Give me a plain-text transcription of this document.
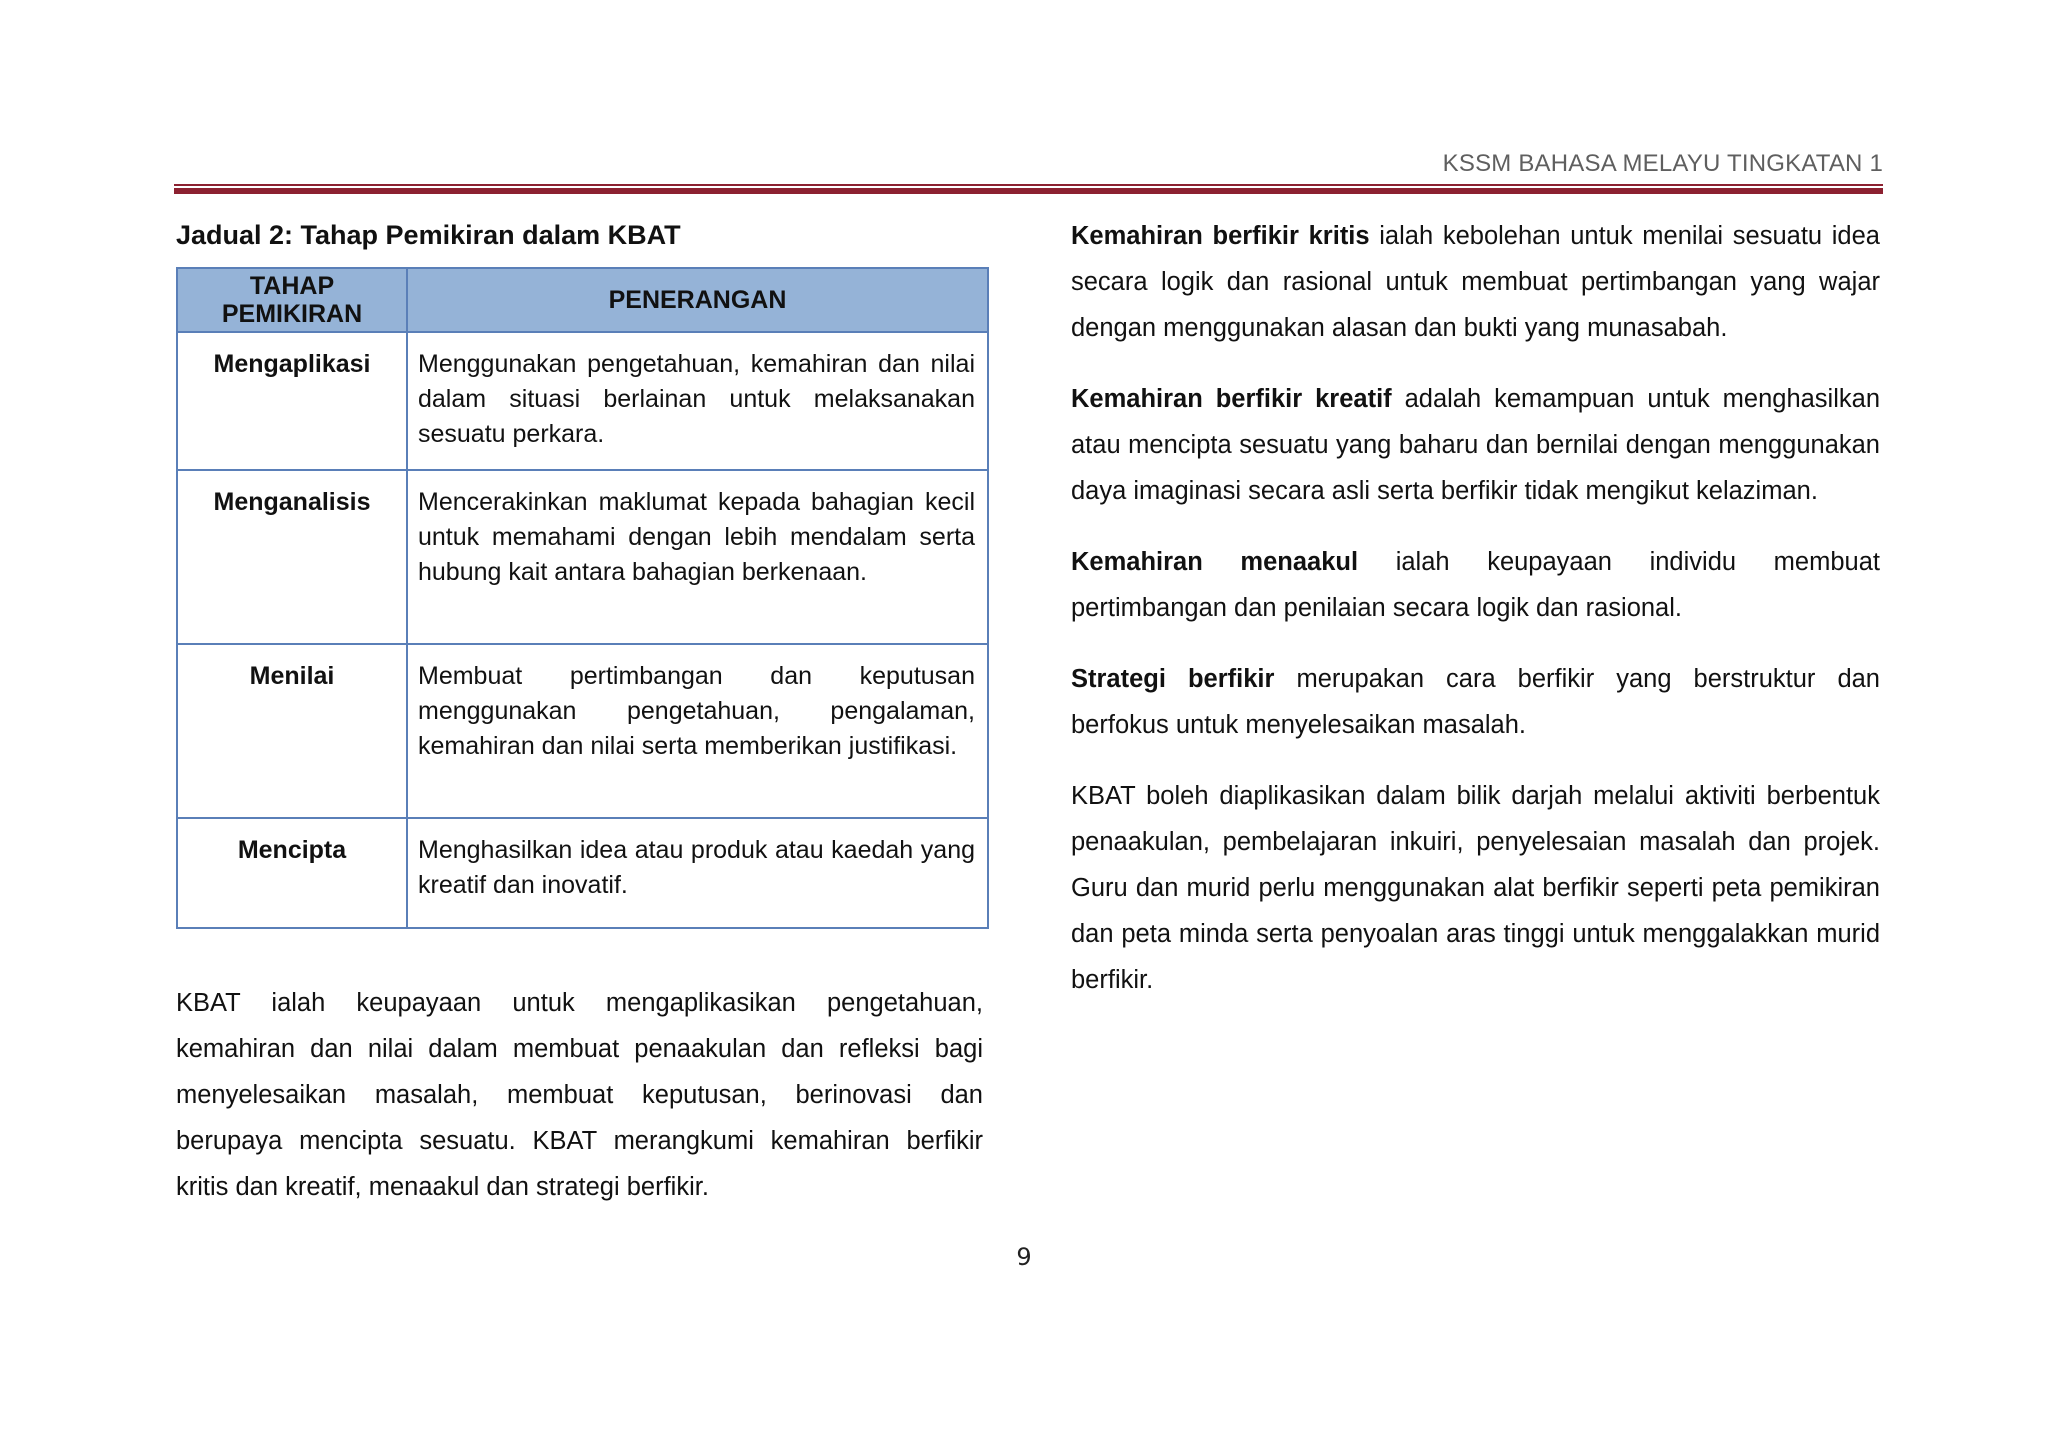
KSSM BAHASA MELAYU TINGKATAN 1
Jadual 2: Tahap Pemikiran dalam KBAT
TAHAP PEMIKIRAN	PENERANGAN
Mengaplikasi	Menggunakan pengetahuan, kemahiran dan nilai dalam situasi berlainan untuk melaksanakan sesuatu perkara.
Menganalisis	Mencerakinkan maklumat kepada bahagian kecil untuk memahami dengan lebih mendalam serta hubung kait antara bahagian berkenaan.
Menilai	Membuat pertimbangan dan keputusan menggunakan pengetahuan, pengalaman, kemahiran dan nilai serta memberikan justifikasi.
Mencipta	Menghasilkan idea atau produk atau kaedah yang kreatif dan inovatif.

KBAT ialah keupayaan untuk mengaplikasikan pengetahuan, kemahiran dan nilai dalam membuat penaakulan dan refleksi bagi menyelesaikan masalah, membuat keputusan, berinovasi dan berupaya mencipta sesuatu. KBAT merangkumi kemahiran berfikir kritis dan kreatif, menaakul dan strategi berfikir.

Kemahiran berfikir kritis ialah kebolehan untuk menilai sesuatu idea secara logik dan rasional untuk membuat pertimbangan yang wajar dengan menggunakan alasan dan bukti yang munasabah.

Kemahiran berfikir kreatif adalah kemampuan untuk menghasilkan atau mencipta sesuatu yang baharu dan bernilai dengan menggunakan daya imaginasi secara asli serta berfikir tidak mengikut kelaziman.

Kemahiran menaakul ialah keupayaan individu membuat pertimbangan dan penilaian secara logik dan rasional.

Strategi berfikir merupakan cara berfikir yang berstruktur dan berfokus untuk menyelesaikan masalah.

KBAT boleh diaplikasikan dalam bilik darjah melalui aktiviti berbentuk penaakulan, pembelajaran inkuiri, penyelesaian masalah dan projek. Guru dan murid perlu menggunakan alat berfikir seperti peta pemikiran dan peta minda serta penyoalan aras tinggi untuk menggalakkan murid berfikir.

9
